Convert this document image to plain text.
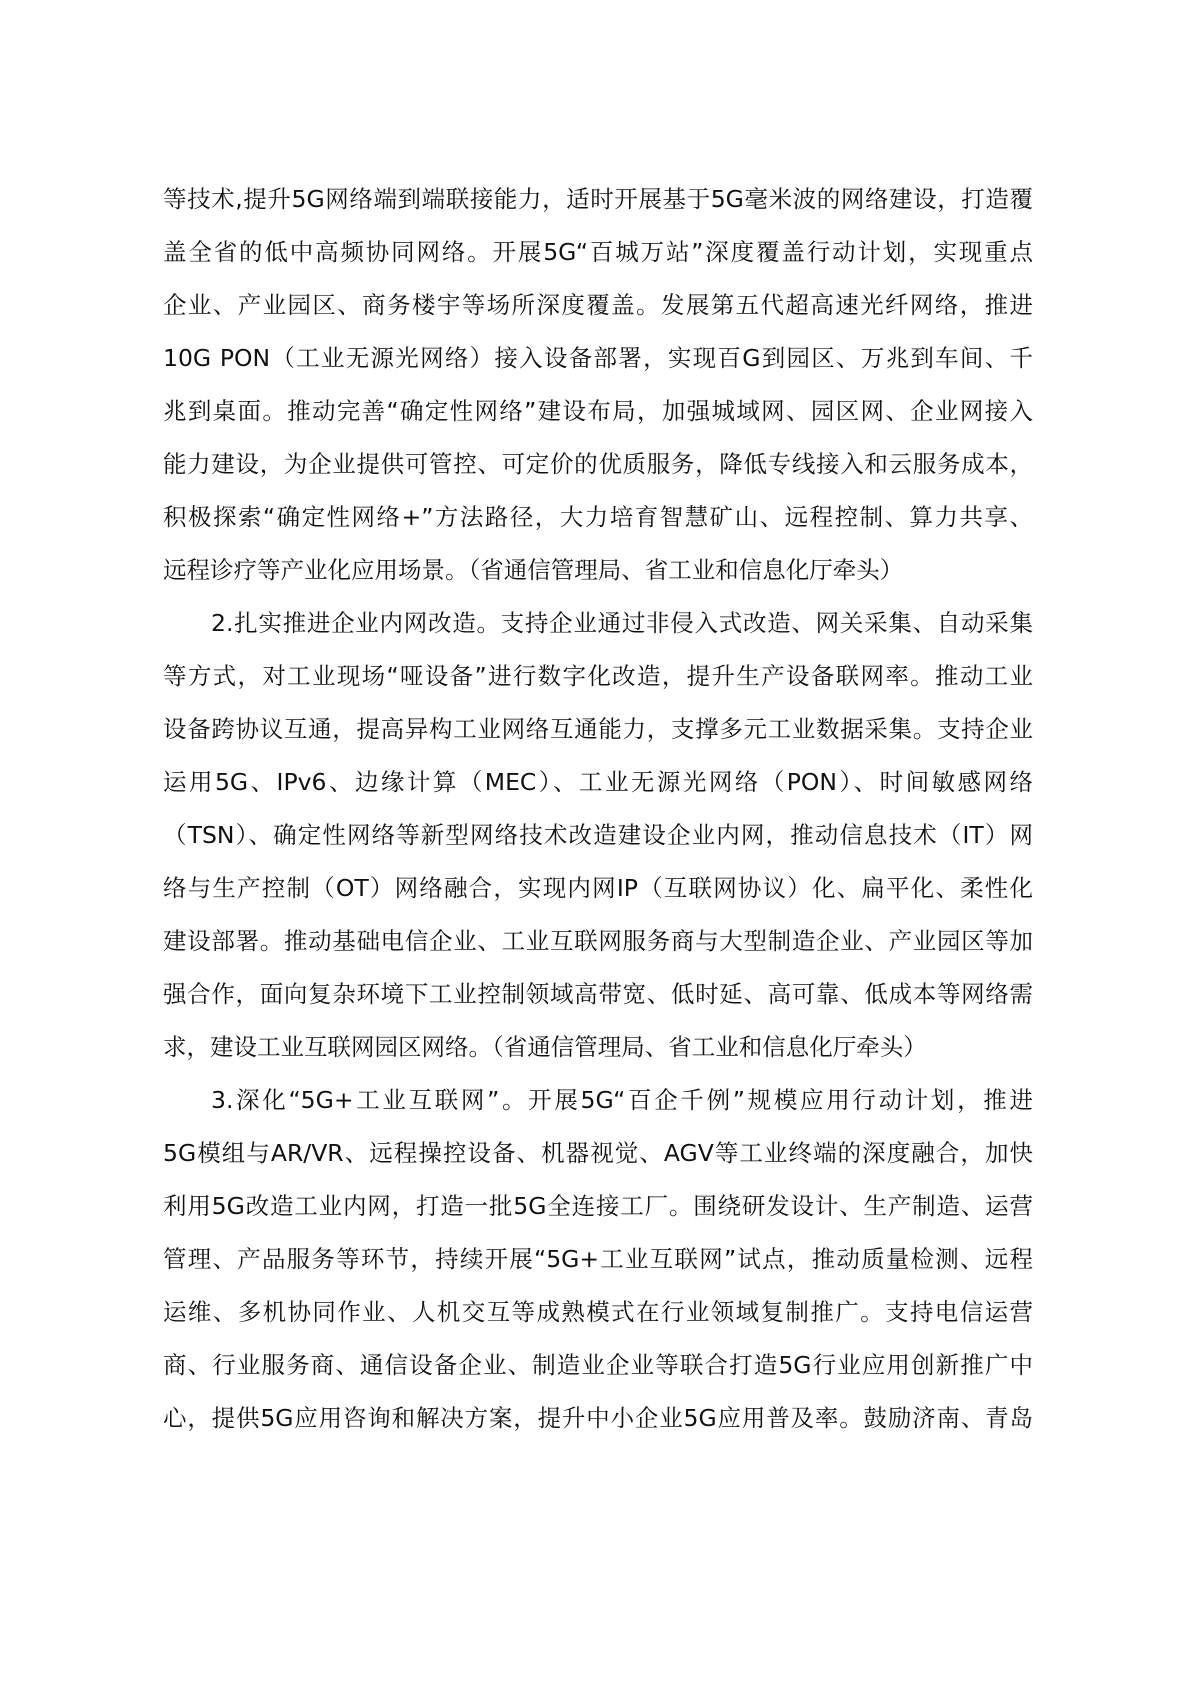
等技术,提升5G网络端到端联接能力，适时开展基于5G毫米波的网络建设，打造覆
盖全省的低中高频协同网络。开展5G“百城万站”深度覆盖行动计划，实现重点
企业、产业园区、商务楼宇等场所深度覆盖。发展第五代超高速光纤网络，推进
10G PON（工业无源光网络）接入设备部署，实现百G到园区、万兆到车间、千
兆到桌面。推动完善“确定性网络”建设布局，加强城域网、园区网、企业网接入
能力建设，为企业提供可管控、可定价的优质服务，降低专线接入和云服务成本，
积极探索“确定性网络+”方法路径，大力培育智慧矿山、远程控制、算力共享、
远程诊疗等产业化应用场景。（省通信管理局、省工业和信息化厅牵头）
2.扎实推进企业内网改造。支持企业通过非侵入式改造、网关采集、自动采集
等方式，对工业现场“哑设备”进行数字化改造，提升生产设备联网率。推动工业
设备跨协议互通，提高异构工业网络互通能力，支撑多元工业数据采集。支持企业
运用5G、IPv6、边缘计算（MEC）、工业无源光网络（PON）、时间敏感网络
（TSN）、确定性网络等新型网络技术改造建设企业内网，推动信息技术（IT）网
络与生产控制（OT）网络融合，实现内网IP（互联网协议）化、扁平化、柔性化
建设部署。推动基础电信企业、工业互联网服务商与大型制造企业、产业园区等加
强合作，面向复杂环境下工业控制领域高带宽、低时延、高可靠、低成本等网络需
求，建设工业互联网园区网络。（省通信管理局、省工业和信息化厅牵头）
3.深化“5G+工业互联网”。开展5G“百企千例”规模应用行动计划，推进
5G模组与AR/VR、远程操控设备、机器视觉、AGV等工业终端的深度融合，加快
利用5G改造工业内网，打造一批5G全连接工厂。围绕研发设计、生产制造、运营
管理、产品服务等环节，持续开展“5G+工业互联网”试点，推动质量检测、远程
运维、多机协同作业、人机交互等成熟模式在行业领域复制推广。支持电信运营
商、行业服务商、通信设备企业、制造业企业等联合打造5G行业应用创新推广中
心，提供5G应用咨询和解决方案，提升中小企业5G应用普及率。鼓励济南、青岛
